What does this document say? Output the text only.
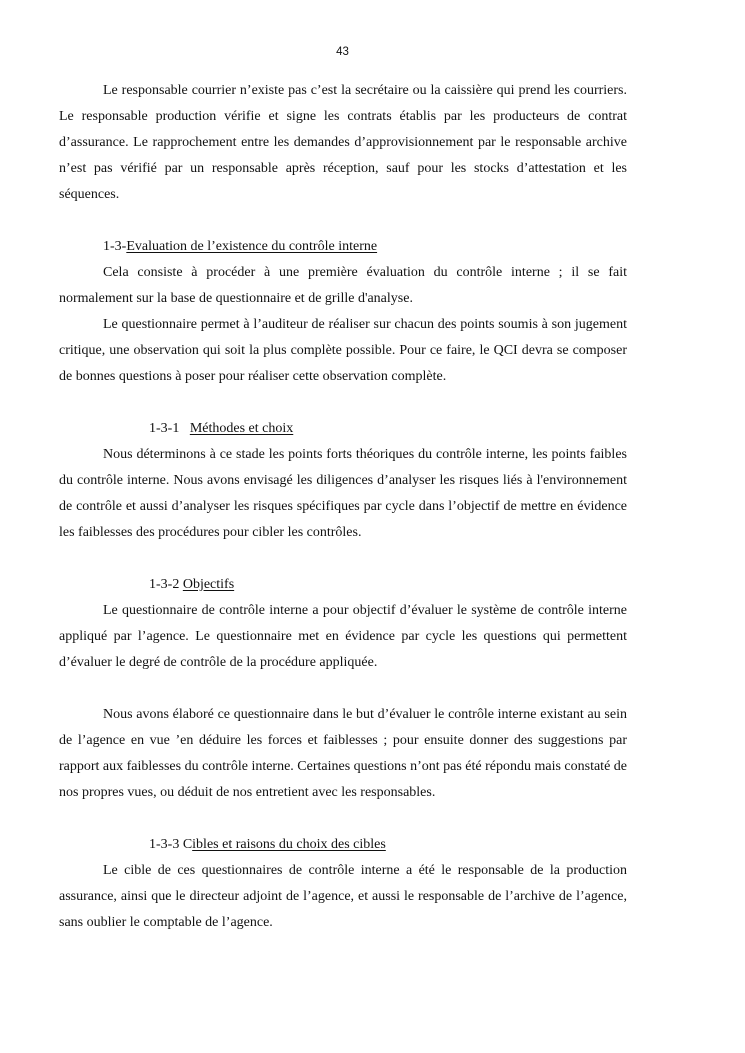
43

Le responsable courrier n’existe pas c’est la secrétaire ou la caissière qui prend les courriers. Le responsable production vérifie et signe les contrats établis par les producteurs de contrat d’assurance. Le rapprochement entre les demandes d’approvisionnement par le responsable archive n’est pas vérifié par un responsable après réception, sauf pour les stocks d’attestation et les séquences.

1-3-Evaluation de l’existence du contrôle interne

Cela consiste à procéder à une première évaluation du contrôle interne ; il se fait normalement sur la base de questionnaire et de grille d'analyse.

Le questionnaire permet à l’auditeur de réaliser sur chacun des points soumis à son jugement critique, une observation qui soit la plus complète possible. Pour ce faire, le QCI devra se composer de bonnes questions à poser pour réaliser cette observation complète.

1-3-1 Méthodes et choix

Nous déterminons à ce stade les points forts théoriques du contrôle interne, les points faibles du contrôle interne. Nous avons envisagé les diligences d’analyser les risques liés à l'environnement de contrôle et aussi d’analyser les risques spécifiques par cycle dans l’objectif de mettre en évidence les faiblesses des procédures pour cibler les contrôles.

1-3-2 Objectifs

Le questionnaire de contrôle interne a pour objectif d’évaluer le système de contrôle interne appliqué par l’agence. Le questionnaire met en évidence par cycle les questions qui permettent d’évaluer le degré de contrôle de la procédure appliquée.

Nous avons élaboré ce questionnaire dans le but d’évaluer le contrôle interne existant au sein de l’agence en vue ’en déduire les forces et faiblesses ; pour ensuite donner des suggestions par rapport aux faiblesses du contrôle interne. Certaines questions n’ont pas été répondu mais constaté de nos propres vues, ou déduit de nos entretient avec les responsables.

1-3-3 Cibles et raisons du choix des cibles

Le cible de ces questionnaires de contrôle interne a été le responsable de la production assurance, ainsi que le directeur adjoint de l’agence, et aussi le responsable de l’archive de l’agence, sans oublier le comptable de l’agence.
